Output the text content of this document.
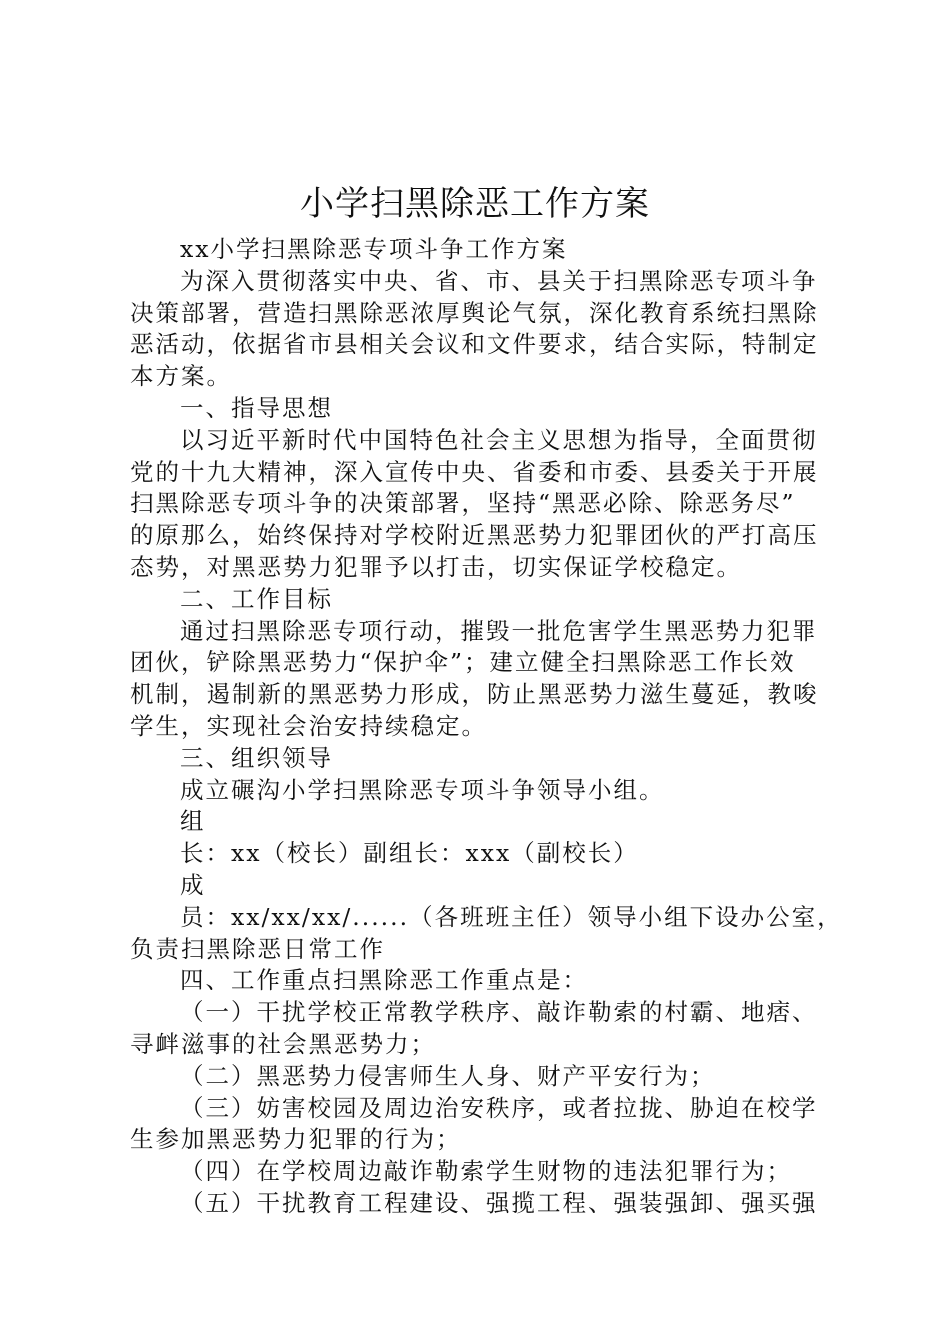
小学扫黑除恶工作方案

xx小学扫黑除恶专项斗争工作方案

为深入贯彻落实中央、省、市、县关于扫黑除恶专项斗争

决策部署，营造扫黑除恶浓厚舆论气氛，深化教育系统扫黑除

恶活动，依据省市县相关会议和文件要求，结合实际，特制定

本方案。

一、指导思想

以习近平新时代中国特色社会主义思想为指导，全面贯彻

党的十九大精神，深入宣传中央、省委和市委、县委关于开展

扫黑除恶专项斗争的决策部署，坚持“黑恶必除、除恶务尽”

的原那么，始终保持对学校附近黑恶势力犯罪团伙的严打高压

态势，对黑恶势力犯罪予以打击，切实保证学校稳定。

二、工作目标

通过扫黑除恶专项行动，摧毁一批危害学生黑恶势力犯罪

团伙，铲除黑恶势力“保护伞”；建立健全扫黑除恶工作长效

机制，遏制新的黑恶势力形成，防止黑恶势力滋生蔓延，教唆

学生，实现社会治安持续稳定。

三、组织领导

成立碾沟小学扫黑除恶专项斗争领导小组。

组

长：xx（校长）副组长：xxx（副校长）

成

员：xx/xx/xx/......（各班班主任）领导小组下设办公室，

负责扫黑除恶日常工作

四、工作重点扫黑除恶工作重点是：

（一）干扰学校正常教学秩序、敲诈勒索的村霸、地痞、

寻衅滋事的社会黑恶势力；

（二）黑恶势力侵害师生人身、财产平安行为；

（三）妨害校园及周边治安秩序，或者拉拢、胁迫在校学

生参加黑恶势力犯罪的行为；

（四）在学校周边敲诈勒索学生财物的违法犯罪行为；

（五）干扰教育工程建设、强揽工程、强装强卸、强买强
